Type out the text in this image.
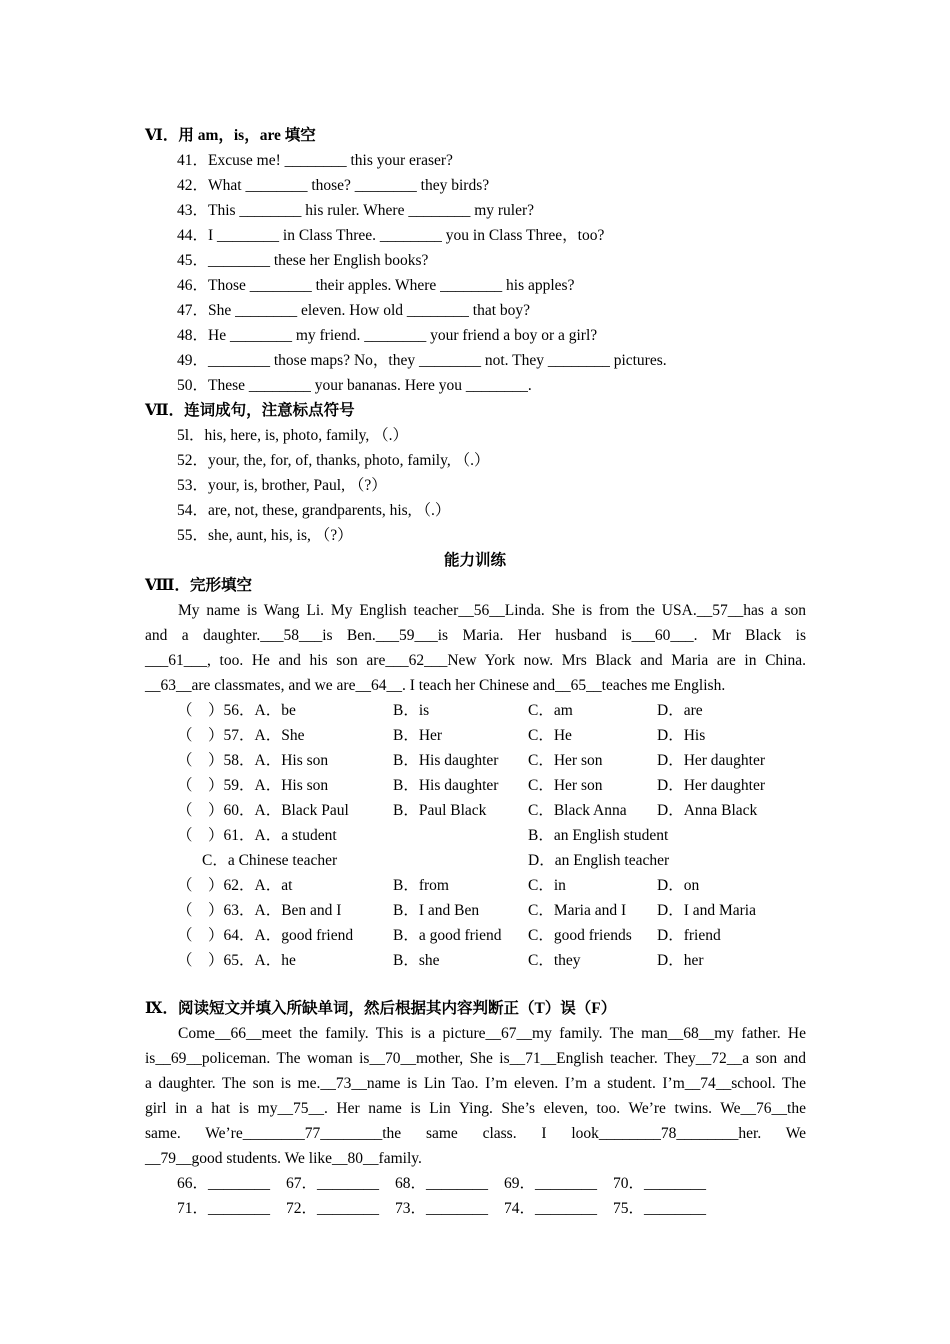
Ⅵ．用 am，is，are 填空
41．Excuse me! ________ this your eraser?
42．What ________ those? ________ they birds?
43．This ________ his ruler. Where ________ my ruler?
44．I ________ in Class Three. ________ you in Class Three，too?
45．________ these her English books?
46．Those ________ their apples. Where ________ his apples?
47．She ________ eleven. How old ________ that boy?
48．He ________ my friend. ________ your friend a boy or a girl?
49．________ those maps? No，they ________ not. They ________ pictures.
50．These ________ your bananas. Here you ________.
Ⅶ．连词成句，注意标点符号
5l．his, here, is, photo, family, （.）
52．your, the, for, of, thanks, photo, family, （.）
53．your, is, brother, Paul, （?）
54．are, not, these, grandparents, his, （.）
55．she, aunt, his, is, （?）
能力训练
Ⅷ．完形填空
My name is Wang Li. My English teacher__56__Linda. She is from the USA.__57__has a son
and a daughter.___58___is Ben.___59___is Maria. Her husband is___60___. Mr Black is
___61___, too. He and his son are___62___New York now. Mrs Black and Maria are in China.
__63__are classmates, and we are__64__. I teach her Chinese and__65__teaches me English.
（　）56．A．be	B．is	C．am	D．are
（　）57．A．She	B．Her	C．He	D．His
（　）58．A．His son	B．His daughter C．Her son	D．Her daughter
（　）59．A．His son	B．His daughter C．Her son	D．Her daughter
（　）60．A．Black Paul	B．Paul Black	C．Black Anna D．Anna Black
（　）61．A．a student	B．an English student
C．a Chinese teacher	D．an English teacher
（　）62．A．at	B．from	C．in	D．on
（　）63．A．Ben and I	B．I and Ben	C．Maria and I D．I and Maria
（　）64．A．good friend	B．a good friend C．good friends D．friend
（　）65．A．he	B．she	C．they	D．her
Ⅸ．阅读短文并填入所缺单词，然后根据其内容判断正（T）误（F）
Come__66__meet the family. This is a picture__67__my family. The man__68__my father. He
is__69__policeman. The woman is__70__mother, She is__71__English teacher. They__72__a son and
a daughter. The son is me.__73__name is Lin Tao. I’m eleven. I’m a student. I’m__74__school. The
girl in a hat is my__75__. Her name is Lin Ying. She’s eleven, too. We’re twins. We__76__the
same. We’re________77________the same class. I look________78________her. We
__79__good students. We like__80__family.
66．________ 67．________ 68．________ 69．________ 70．________
71．________ 72．________ 73．________ 74．________ 75．________
